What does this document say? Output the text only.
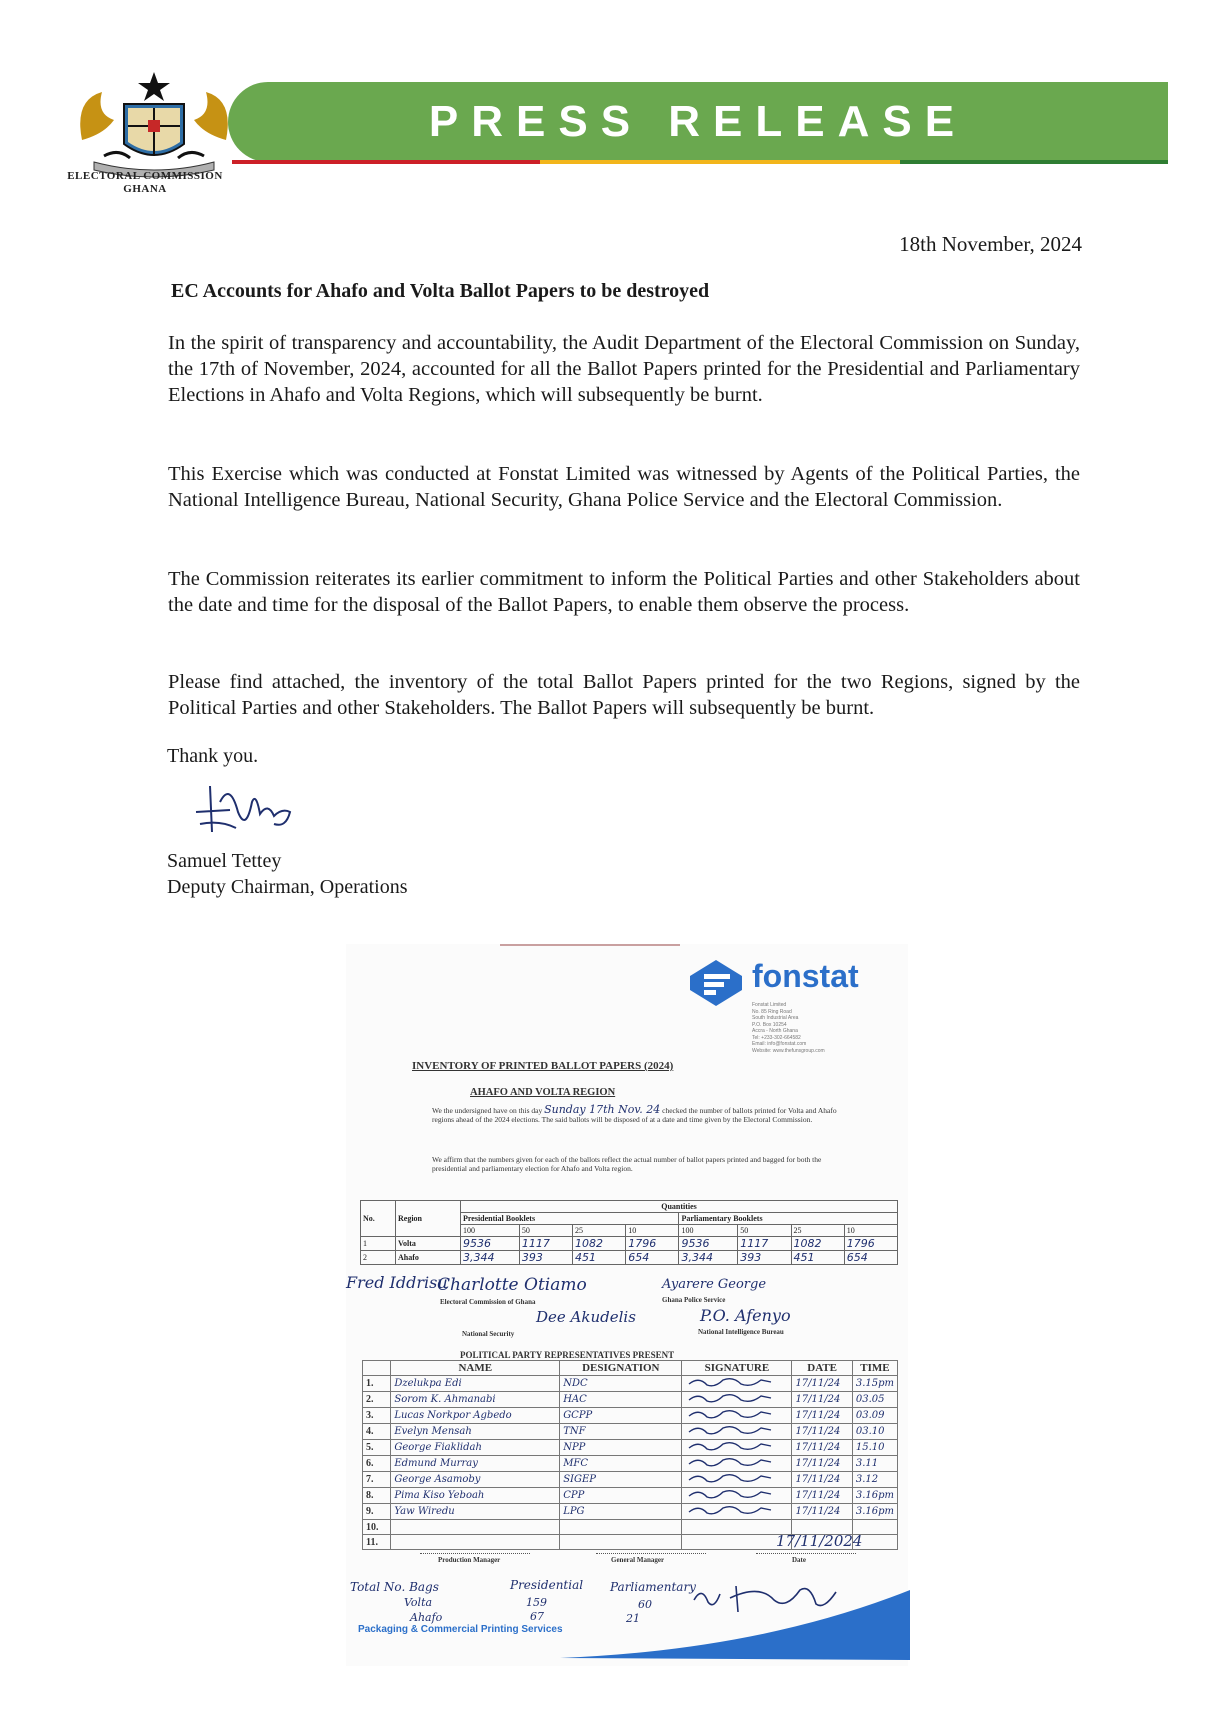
ELECTORAL COMMISSION
GHANA
PRESS RELEASE
18th November, 2024
EC Accounts for Ahafo and Volta Ballot Papers to be destroyed
In the spirit of transparency and accountability, the Audit Department of the Electoral Commission on Sunday, the 17th of November, 2024, accounted for all the Ballot Papers printed for the Presidential and Parliamentary Elections in Ahafo and Volta Regions, which will subsequently be burnt.
This Exercise which was conducted at Fonstat Limited was witnessed by Agents of the Political Parties, the National Intelligence Bureau, National Security, Ghana Police Service and the Electoral Commission.
The Commission reiterates its earlier commitment to inform the Political Parties and other Stakeholders about the date and time for the disposal of the Ballot Papers, to enable them observe the process.
Please find attached, the inventory of the total Ballot Papers printed for the two Regions, signed by the Political Parties and other Stakeholders. The Ballot Papers will subsequently be burnt.
Thank you.
Samuel Tettey
Deputy Chairman, Operations
fonstat
Fonstat Limited
No. 85 Ring Road
South Industrial Area
P.O. Box 10254
Accra - North Ghana
Tel: +233-302-664582
Email: info@fonstat.com
Website: www.thefunsgroup.com
INVENTORY OF PRINTED BALLOT PAPERS (2024)
AHAFO AND VOLTA REGION
We the undersigned have on this day Sunday 17th Nov. 24 checked the number of ballots printed for Volta and Ahafo regions ahead of the 2024 elections. The said ballots will be disposed of at a date and time given by the Electoral Commission.
We affirm that the numbers given for each of the ballots reflect the actual number of ballot papers printed and bagged for both the presidential and parliamentary election for Ahafo and Volta region.
No.	Region	Quantities							
		Presidential Booklets				Parliamentary Booklets			
		100	50	25	10	100	50	25	10
1	Volta	9536	1117	1082	1796	9536	1117	1082	1796
2	Ahafo	3,344	393	451	654	3,344	393	451	654
Fred Iddrisu
Charlotte Otiamo	Ayarere George
Dee Akudelis	P.O. Afenyo
Electoral Commission of Ghana	Ghana Police Service
National Security	National Intelligence Bureau
POLITICAL PARTY REPRESENTATIVES PRESENT
	NAME	DESIGNATION	SIGNATURE	DATE	TIME
1.	Dzelukpa Edi	NDC		17/11/24	3.15pm
2.	Sorom K. Ahmanabi	HAC		17/11/24	03.05
3.	Lucas Norkpor Agbedo	GCPP		17/11/24	03.09
4.	Evelyn Mensah	TNF		17/11/24	03.10
5.	George Fiaklidah	NPP		17/11/24	15.10
6.	Edmund Murray	MFC		17/11/24	3.11
7.	George Asamoby	SIGEP		17/11/24	3.12
8.	Pima Kiso Yeboah	CPP		17/11/24	3.16pm
9.	Yaw Wiredu	LPG		17/11/24	3.16pm
10.					
11.					
Production Manager	General Manager
17/11/2024
Date
Total No. Bags	Presidential Parliamentary
Volta	159	60
Ahafo	67	21
Packaging & Commercial Printing Services
